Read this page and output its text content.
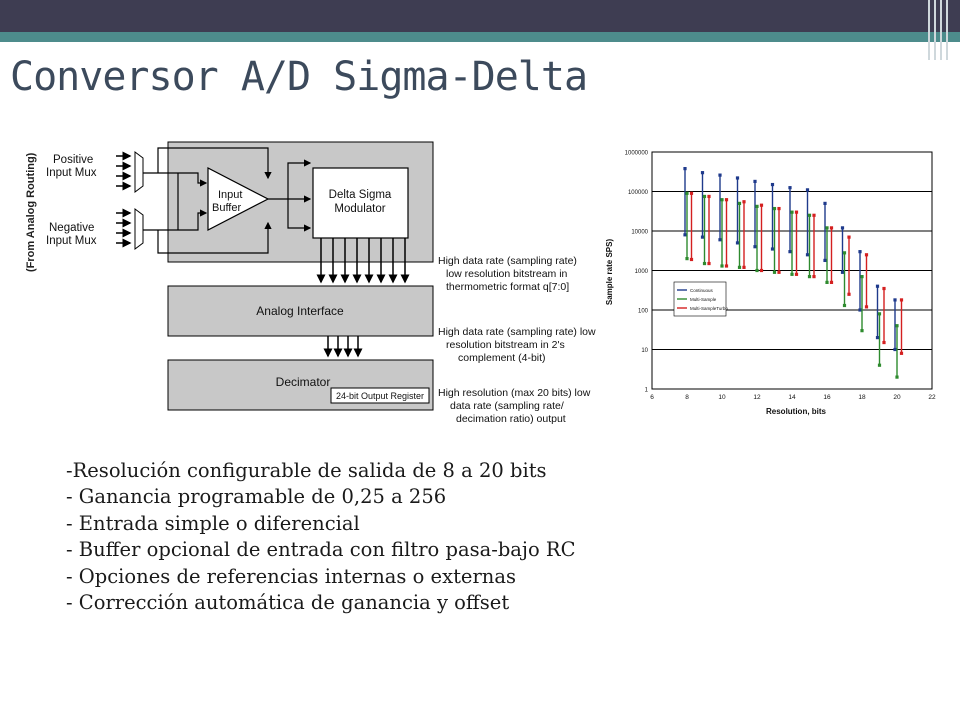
Conversor A/D Sigma-Delta
(From Analog Routing) Positive
Input Mux
Negative
Input Mux
Input
Buffer
Delta Sigma
Modulator
Analog Interface
Decimator
24-bit Output Register
High data rate (sampling rate)
low resolution bitstream in
thermometric format q[7:0]
High data rate (sampling rate) low
resolution bitstream in 2's
complement (4-bit)
High resolution (max 20 bits) low
data rate (sampling rate/
decimation ratio) output
Sample rate SPS)
Resolution, bits
1
10
100
1000
10000
100000
1000000
6	8	10	12	14	16	18	20	22
Continuous
Multi-Sample
Multi-SampleTurbo
-Resolución configurable de salida de 8 a 20 bits
- Ganancia programable de 0,25 a 256
- Entrada simple o diferencial
- Buffer opcional de entrada con filtro pasa-bajo RC
- Opciones de referencias internas o externas
- Corrección automática de ganancia y offset
